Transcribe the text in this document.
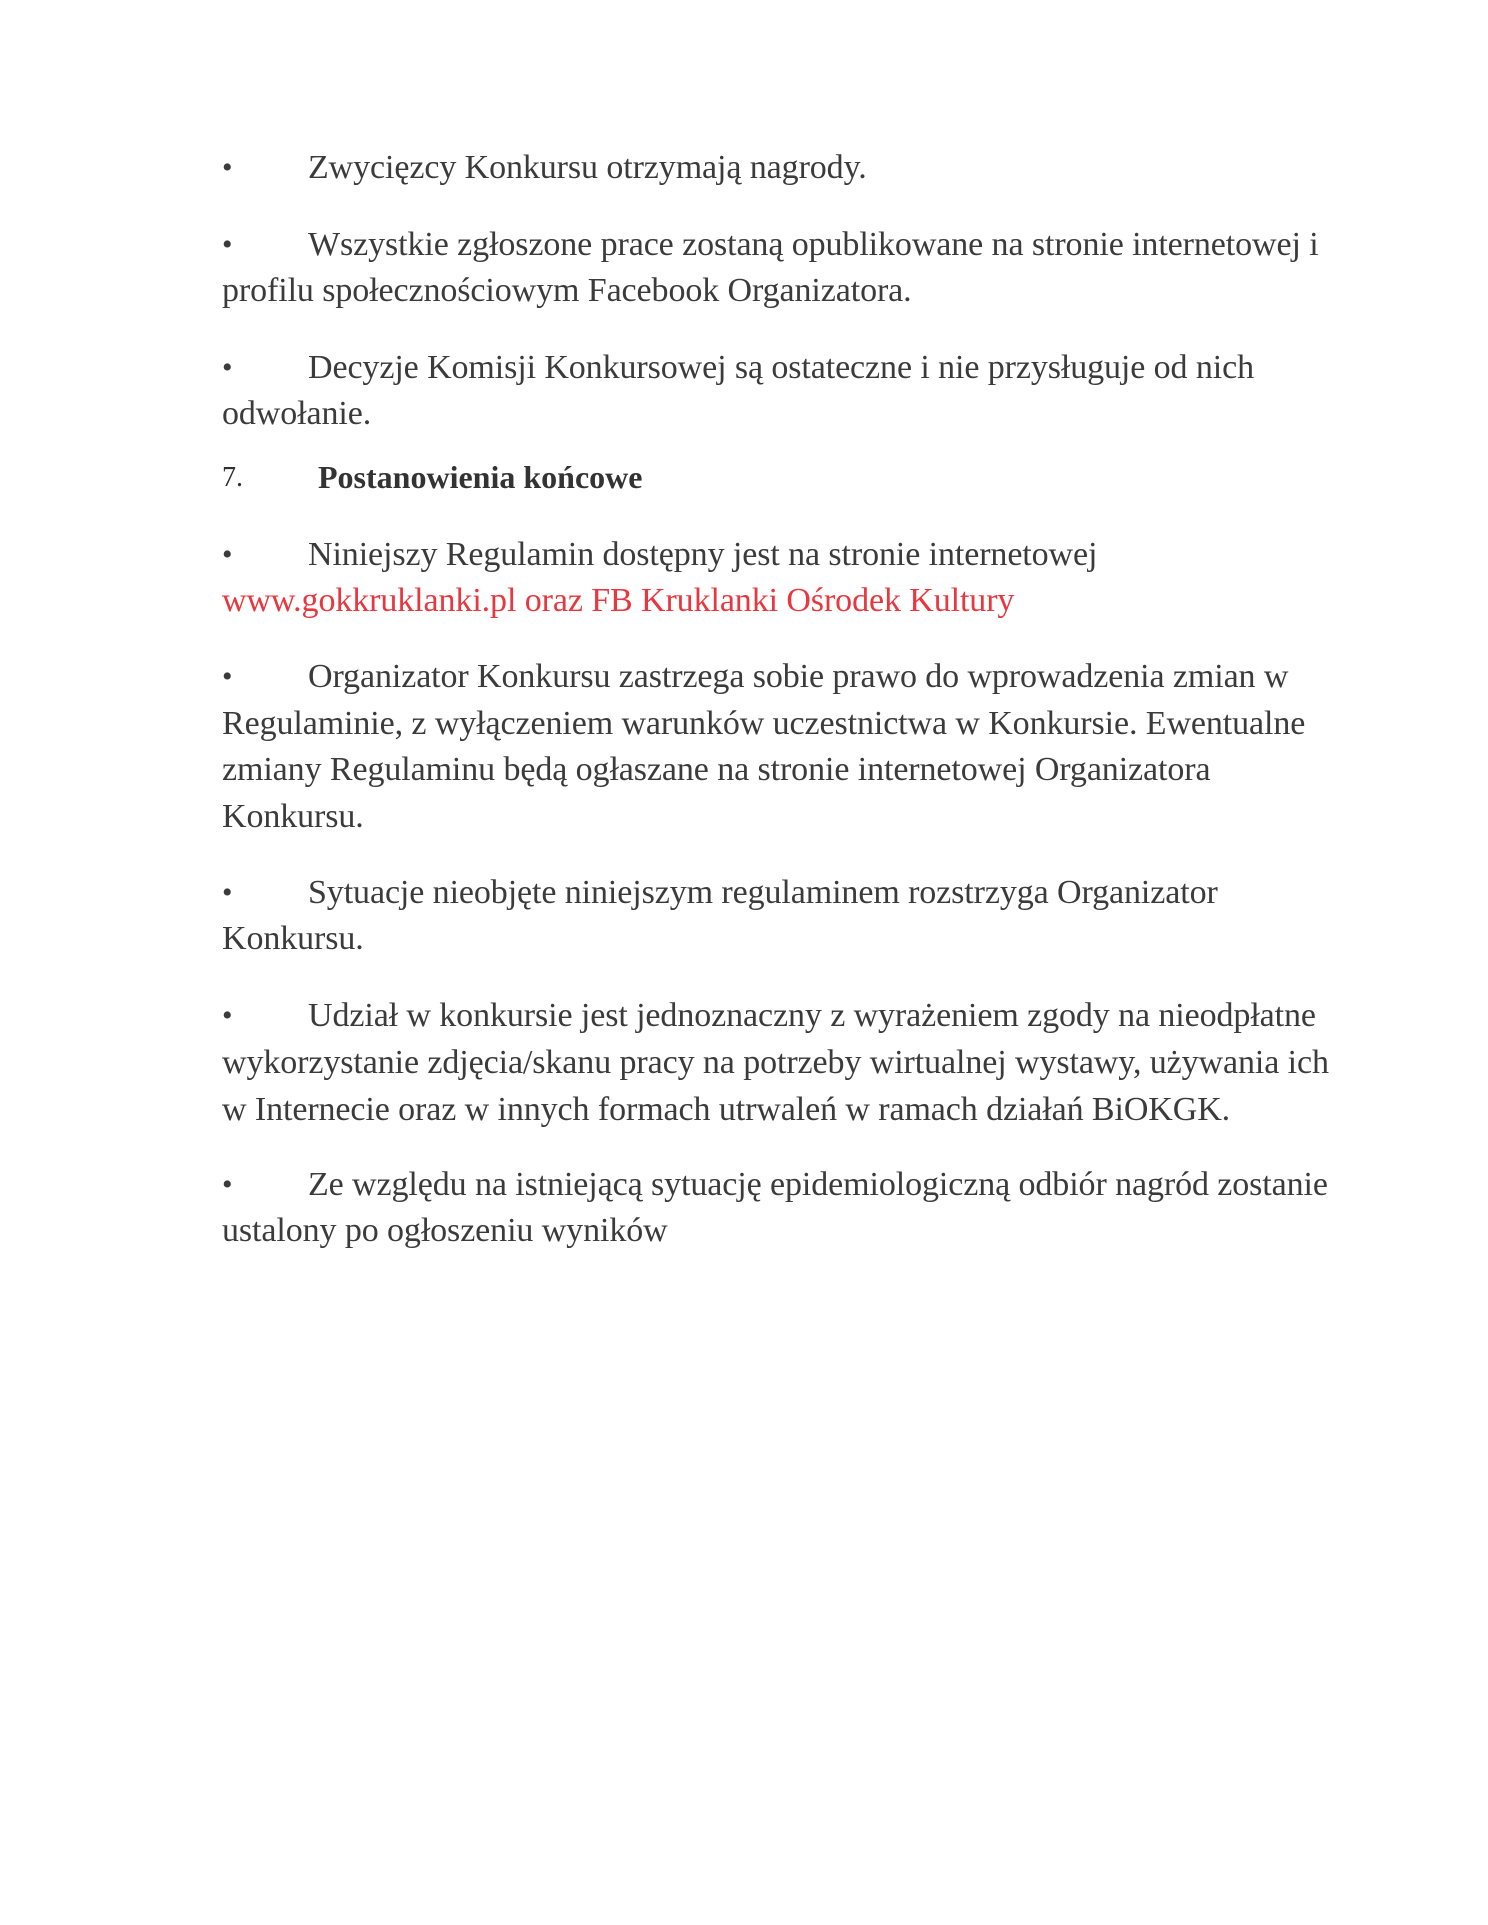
• Zwycięzcy Konkursu otrzymają nagrody.
• Wszystkie zgłoszone prace zostaną opublikowane na stronie internetowej i
profilu społecznościowym Facebook Organizatora.
• Decyzje Komisji Konkursowej są ostateczne i nie przysługuje od nich
odwołanie.
7. Postanowienia końcowe
• Niniejszy Regulamin dostępny jest na stronie internetowej
www.gokkruklanki.pl oraz FB Kruklanki Ośrodek Kultury
• Organizator Konkursu zastrzega sobie prawo do wprowadzenia zmian w
Regulaminie, z wyłączeniem warunków uczestnictwa w Konkursie. Ewentualne
zmiany Regulaminu będą ogłaszane na stronie internetowej Organizatora
Konkursu.
• Sytuacje nieobjęte niniejszym regulaminem rozstrzyga Organizator
Konkursu.
• Udział w konkursie jest jednoznaczny z wyrażeniem zgody na nieodpłatne
wykorzystanie zdjęcia/skanu pracy na potrzeby wirtualnej wystawy, używania ich
w Internecie oraz w innych formach utrwaleń w ramach działań BiOKGK.
• Ze względu na istniejącą sytuację epidemiologiczną odbiór nagród zostanie
ustalony po ogłoszeniu wyników
